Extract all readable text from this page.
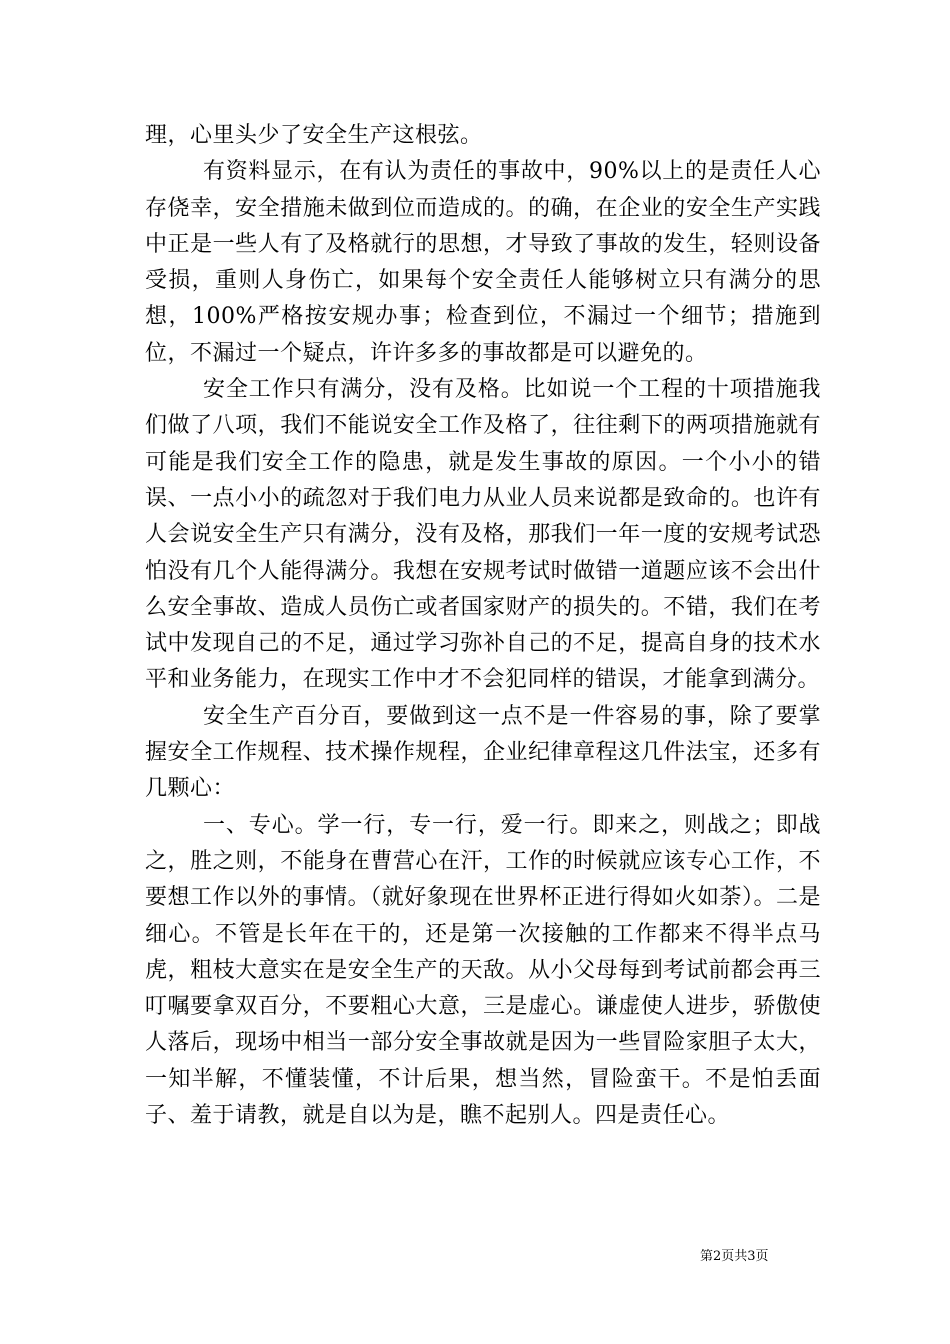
理，心里头少了安全生产这根弦。

有资料显示，在有认为责任的事故中，90%以上的是责任人心存侥幸，安全措施未做到位而造成的。的确，在企业的安全生产实践中正是一些人有了及格就行的思想，才导致了事故的发生，轻则设备受损，重则人身伤亡，如果每个安全责任人能够树立只有满分的思想，100%严格按安规办事；检查到位，不漏过一个细节；措施到位，不漏过一个疑点，许许多多的事故都是可以避免的。

安全工作只有满分，没有及格。比如说一个工程的十项措施我们做了八项，我们不能说安全工作及格了，往往剩下的两项措施就有可能是我们安全工作的隐患，就是发生事故的原因。一个小小的错误、一点小小的疏忽对于我们电力从业人员来说都是致命的。也许有人会说安全生产只有满分，没有及格，那我们一年一度的安规考试恐怕没有几个人能得满分。我想在安规考试时做错一道题应该不会出什么安全事故、造成人员伤亡或者国家财产的损失的。不错，我们在考试中发现自己的不足，通过学习弥补自己的不足，提高自身的技术水平和业务能力，在现实工作中才不会犯同样的错误，才能拿到满分。

安全生产百分百，要做到这一点不是一件容易的事，除了要掌握安全工作规程、技术操作规程，企业纪律章程这几件法宝，还多有几颗心：

一、专心。学一行，专一行，爱一行。即来之，则战之；即战之，胜之则，不能身在曹营心在汗，工作的时候就应该专心工作，不要想工作以外的事情。（就好象现在世界杯正进行得如火如荼）。二是细心。不管是长年在干的，还是第一次接触的工作都来不得半点马虎，粗枝大意实在是安全生产的天敌。从小父母每到考试前都会再三叮嘱要拿双百分，不要粗心大意，三是虚心。谦虚使人进步，骄傲使人落后，现场中相当一部分安全事故就是因为一些冒险家胆子太大，一知半解，不懂装懂，不计后果，想当然，冒险蛮干。不是怕丢面子、羞于请教，就是自以为是，瞧不起别人。四是责任心。

第2页共3页
